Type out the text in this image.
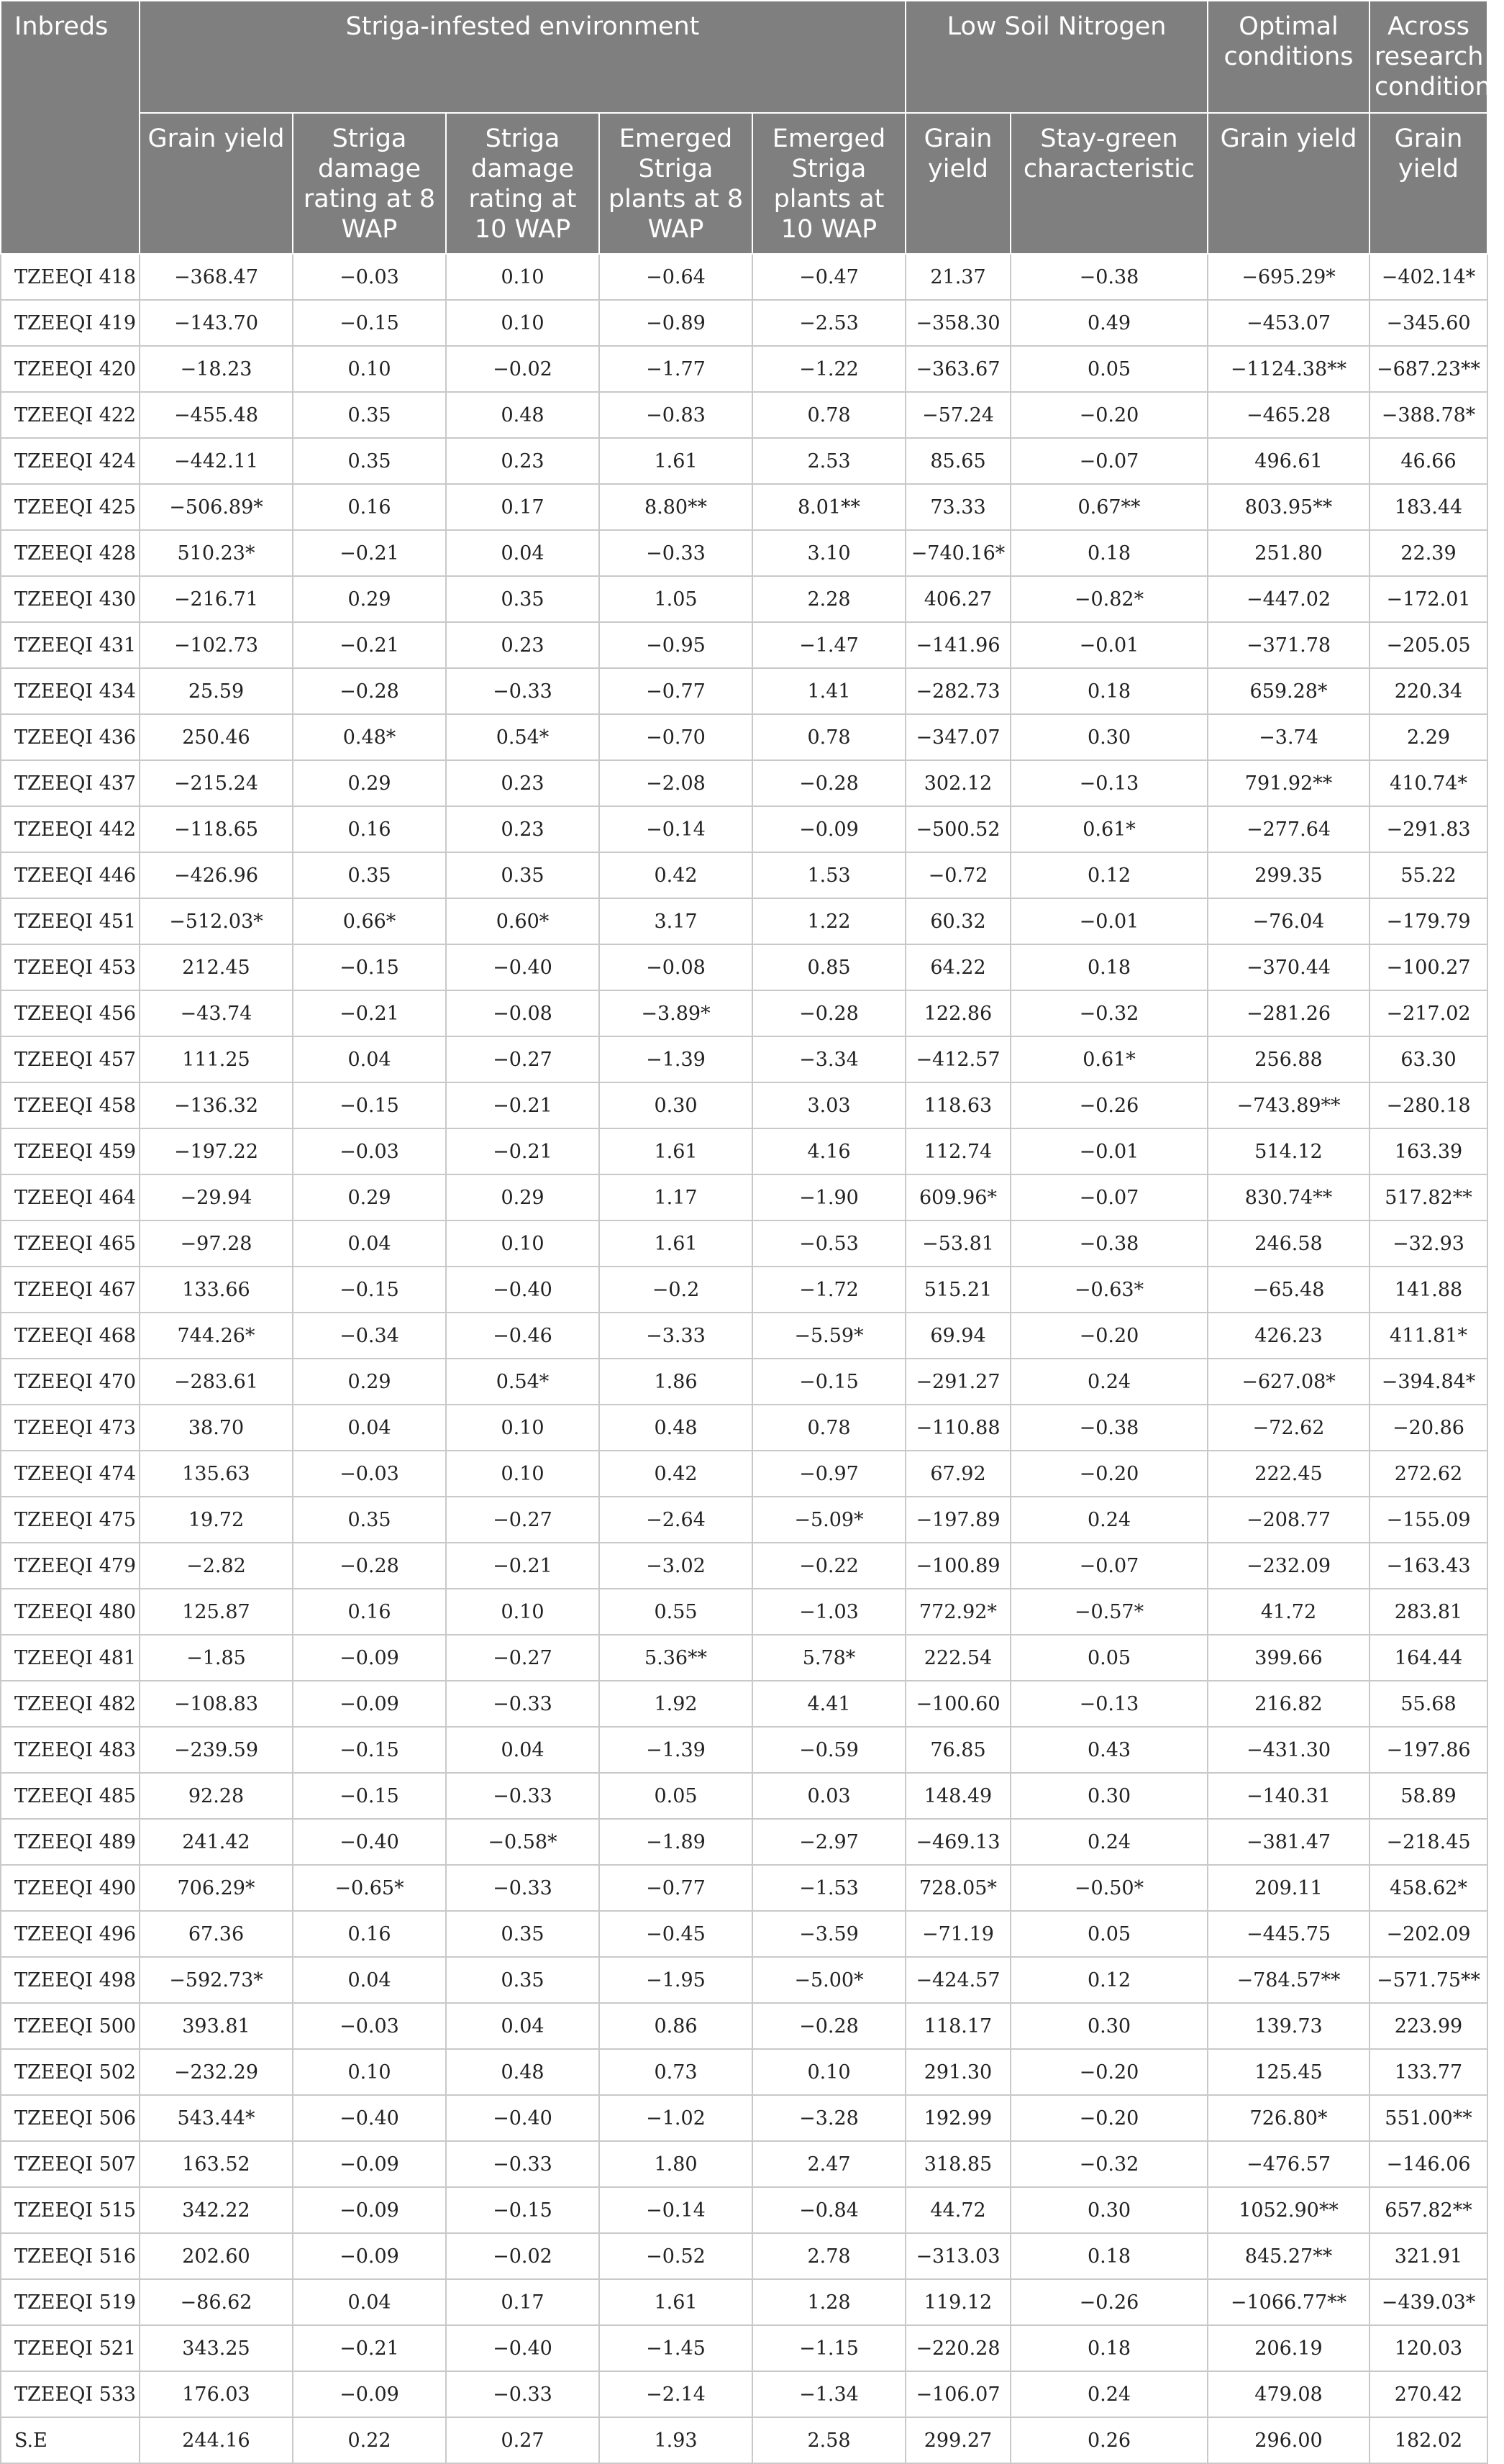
Inbreds	Striga-infested environment					Low Soil Nitrogen		Optimal conditions	Across research conditions
	Grain yield	Striga damage rating at 8 WAP	Striga damage rating at 10 WAP	Emerged Striga plants at 8 WAP	Emerged Striga plants at 10 WAP	Grain yield	Stay-green characteristic	Grain yield	Grain yield
TZEEQI 418	−368.47	−0.03	0.10	−0.64	−0.47	21.37	−0.38	−695.29*	−402.14*
TZEEQI 419	−143.70	−0.15	0.10	−0.89	−2.53	−358.30	0.49	−453.07	−345.60
TZEEQI 420	−18.23	0.10	−0.02	−1.77	−1.22	−363.67	0.05	−1124.38**	−687.23**
TZEEQI 422	−455.48	0.35	0.48	−0.83	0.78	−57.24	−0.20	−465.28	−388.78*
TZEEQI 424	−442.11	0.35	0.23	1.61	2.53	85.65	−0.07	496.61	46.66
TZEEQI 425	−506.89*	0.16	0.17	8.80**	8.01**	73.33	0.67**	803.95**	183.44
TZEEQI 428	510.23*	−0.21	0.04	−0.33	3.10	−740.16*	0.18	251.80	22.39
TZEEQI 430	−216.71	0.29	0.35	1.05	2.28	406.27	−0.82*	−447.02	−172.01
TZEEQI 431	−102.73	−0.21	0.23	−0.95	−1.47	−141.96	−0.01	−371.78	−205.05
TZEEQI 434	25.59	−0.28	−0.33	−0.77	1.41	−282.73	0.18	659.28*	220.34
TZEEQI 436	250.46	0.48*	0.54*	−0.70	0.78	−347.07	0.30	−3.74	2.29
TZEEQI 437	−215.24	0.29	0.23	−2.08	−0.28	302.12	−0.13	791.92**	410.74*
TZEEQI 442	−118.65	0.16	0.23	−0.14	−0.09	−500.52	0.61*	−277.64	−291.83
TZEEQI 446	−426.96	0.35	0.35	0.42	1.53	−0.72	0.12	299.35	55.22
TZEEQI 451	−512.03*	0.66*	0.60*	3.17	1.22	60.32	−0.01	−76.04	−179.79
TZEEQI 453	212.45	−0.15	−0.40	−0.08	0.85	64.22	0.18	−370.44	−100.27
TZEEQI 456	−43.74	−0.21	−0.08	−3.89*	−0.28	122.86	−0.32	−281.26	−217.02
TZEEQI 457	111.25	0.04	−0.27	−1.39	−3.34	−412.57	0.61*	256.88	63.30
TZEEQI 458	−136.32	−0.15	−0.21	0.30	3.03	118.63	−0.26	−743.89**	−280.18
TZEEQI 459	−197.22	−0.03	−0.21	1.61	4.16	112.74	−0.01	514.12	163.39
TZEEQI 464	−29.94	0.29	0.29	1.17	−1.90	609.96*	−0.07	830.74**	517.82**
TZEEQI 465	−97.28	0.04	0.10	1.61	−0.53	−53.81	−0.38	246.58	−32.93
TZEEQI 467	133.66	−0.15	−0.40	−0.2	−1.72	515.21	−0.63*	−65.48	141.88
TZEEQI 468	744.26*	−0.34	−0.46	−3.33	−5.59*	69.94	−0.20	426.23	411.81*
TZEEQI 470	−283.61	0.29	0.54*	1.86	−0.15	−291.27	0.24	−627.08*	−394.84*
TZEEQI 473	38.70	0.04	0.10	0.48	0.78	−110.88	−0.38	−72.62	−20.86
TZEEQI 474	135.63	−0.03	0.10	0.42	−0.97	67.92	−0.20	222.45	272.62
TZEEQI 475	19.72	0.35	−0.27	−2.64	−5.09*	−197.89	0.24	−208.77	−155.09
TZEEQI 479	−2.82	−0.28	−0.21	−3.02	−0.22	−100.89	−0.07	−232.09	−163.43
TZEEQI 480	125.87	0.16	0.10	0.55	−1.03	772.92*	−0.57*	41.72	283.81
TZEEQI 481	−1.85	−0.09	−0.27	5.36**	5.78*	222.54	0.05	399.66	164.44
TZEEQI 482	−108.83	−0.09	−0.33	1.92	4.41	−100.60	−0.13	216.82	55.68
TZEEQI 483	−239.59	−0.15	0.04	−1.39	−0.59	76.85	0.43	−431.30	−197.86
TZEEQI 485	92.28	−0.15	−0.33	0.05	0.03	148.49	0.30	−140.31	58.89
TZEEQI 489	241.42	−0.40	−0.58*	−1.89	−2.97	−469.13	0.24	−381.47	−218.45
TZEEQI 490	706.29*	−0.65*	−0.33	−0.77	−1.53	728.05*	−0.50*	209.11	458.62*
TZEEQI 496	67.36	0.16	0.35	−0.45	−3.59	−71.19	0.05	−445.75	−202.09
TZEEQI 498	−592.73*	0.04	0.35	−1.95	−5.00*	−424.57	0.12	−784.57**	−571.75**
TZEEQI 500	393.81	−0.03	0.04	0.86	−0.28	118.17	0.30	139.73	223.99
TZEEQI 502	−232.29	0.10	0.48	0.73	0.10	291.30	−0.20	125.45	133.77
TZEEQI 506	543.44*	−0.40	−0.40	−1.02	−3.28	192.99	−0.20	726.80*	551.00**
TZEEQI 507	163.52	−0.09	−0.33	1.80	2.47	318.85	−0.32	−476.57	−146.06
TZEEQI 515	342.22	−0.09	−0.15	−0.14	−0.84	44.72	0.30	1052.90**	657.82**
TZEEQI 516	202.60	−0.09	−0.02	−0.52	2.78	−313.03	0.18	845.27**	321.91
TZEEQI 519	−86.62	0.04	0.17	1.61	1.28	119.12	−0.26	−1066.77**	−439.03*
TZEEQI 521	343.25	−0.21	−0.40	−1.45	−1.15	−220.28	0.18	206.19	120.03
TZEEQI 533	176.03	−0.09	−0.33	−2.14	−1.34	−106.07	0.24	479.08	270.42
S.E	244.16	0.22	0.27	1.93	2.58	299.27	0.26	296.00	182.02
